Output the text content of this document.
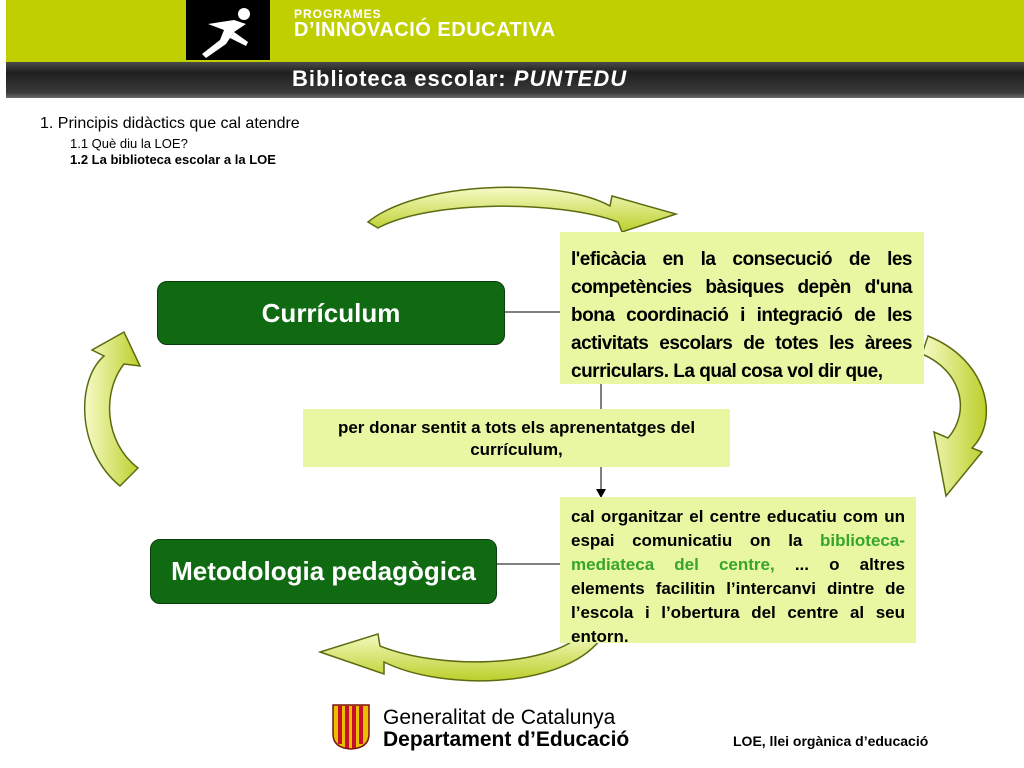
PROGRAMES
D’INNOVACIÓ EDUCATIVA
Biblioteca escolar: PUNTEDU
1. Principis didàctics que cal atendre
1.1 Què diu la LOE?
1.2 La biblioteca escolar a la LOE
Currículum
Metodologia pedagògica
l'eficàcia en la consecució de les competències bàsiques depèn d'una bona coordinació i integració de les activitats escolars de totes les àrees curriculars. La qual cosa vol dir que,
per donar sentit a tots els aprenentatges del currículum,
cal organitzar el centre educatiu com un espai comunicatiu on la biblioteca-mediateca del centre, ... o altres elements facilitin l’intercanvi dintre de l’escola i l’obertura del centre al seu entorn.
Generalitat de Catalunya
Departament d’Educació	LOE, llei orgànica d’educació
